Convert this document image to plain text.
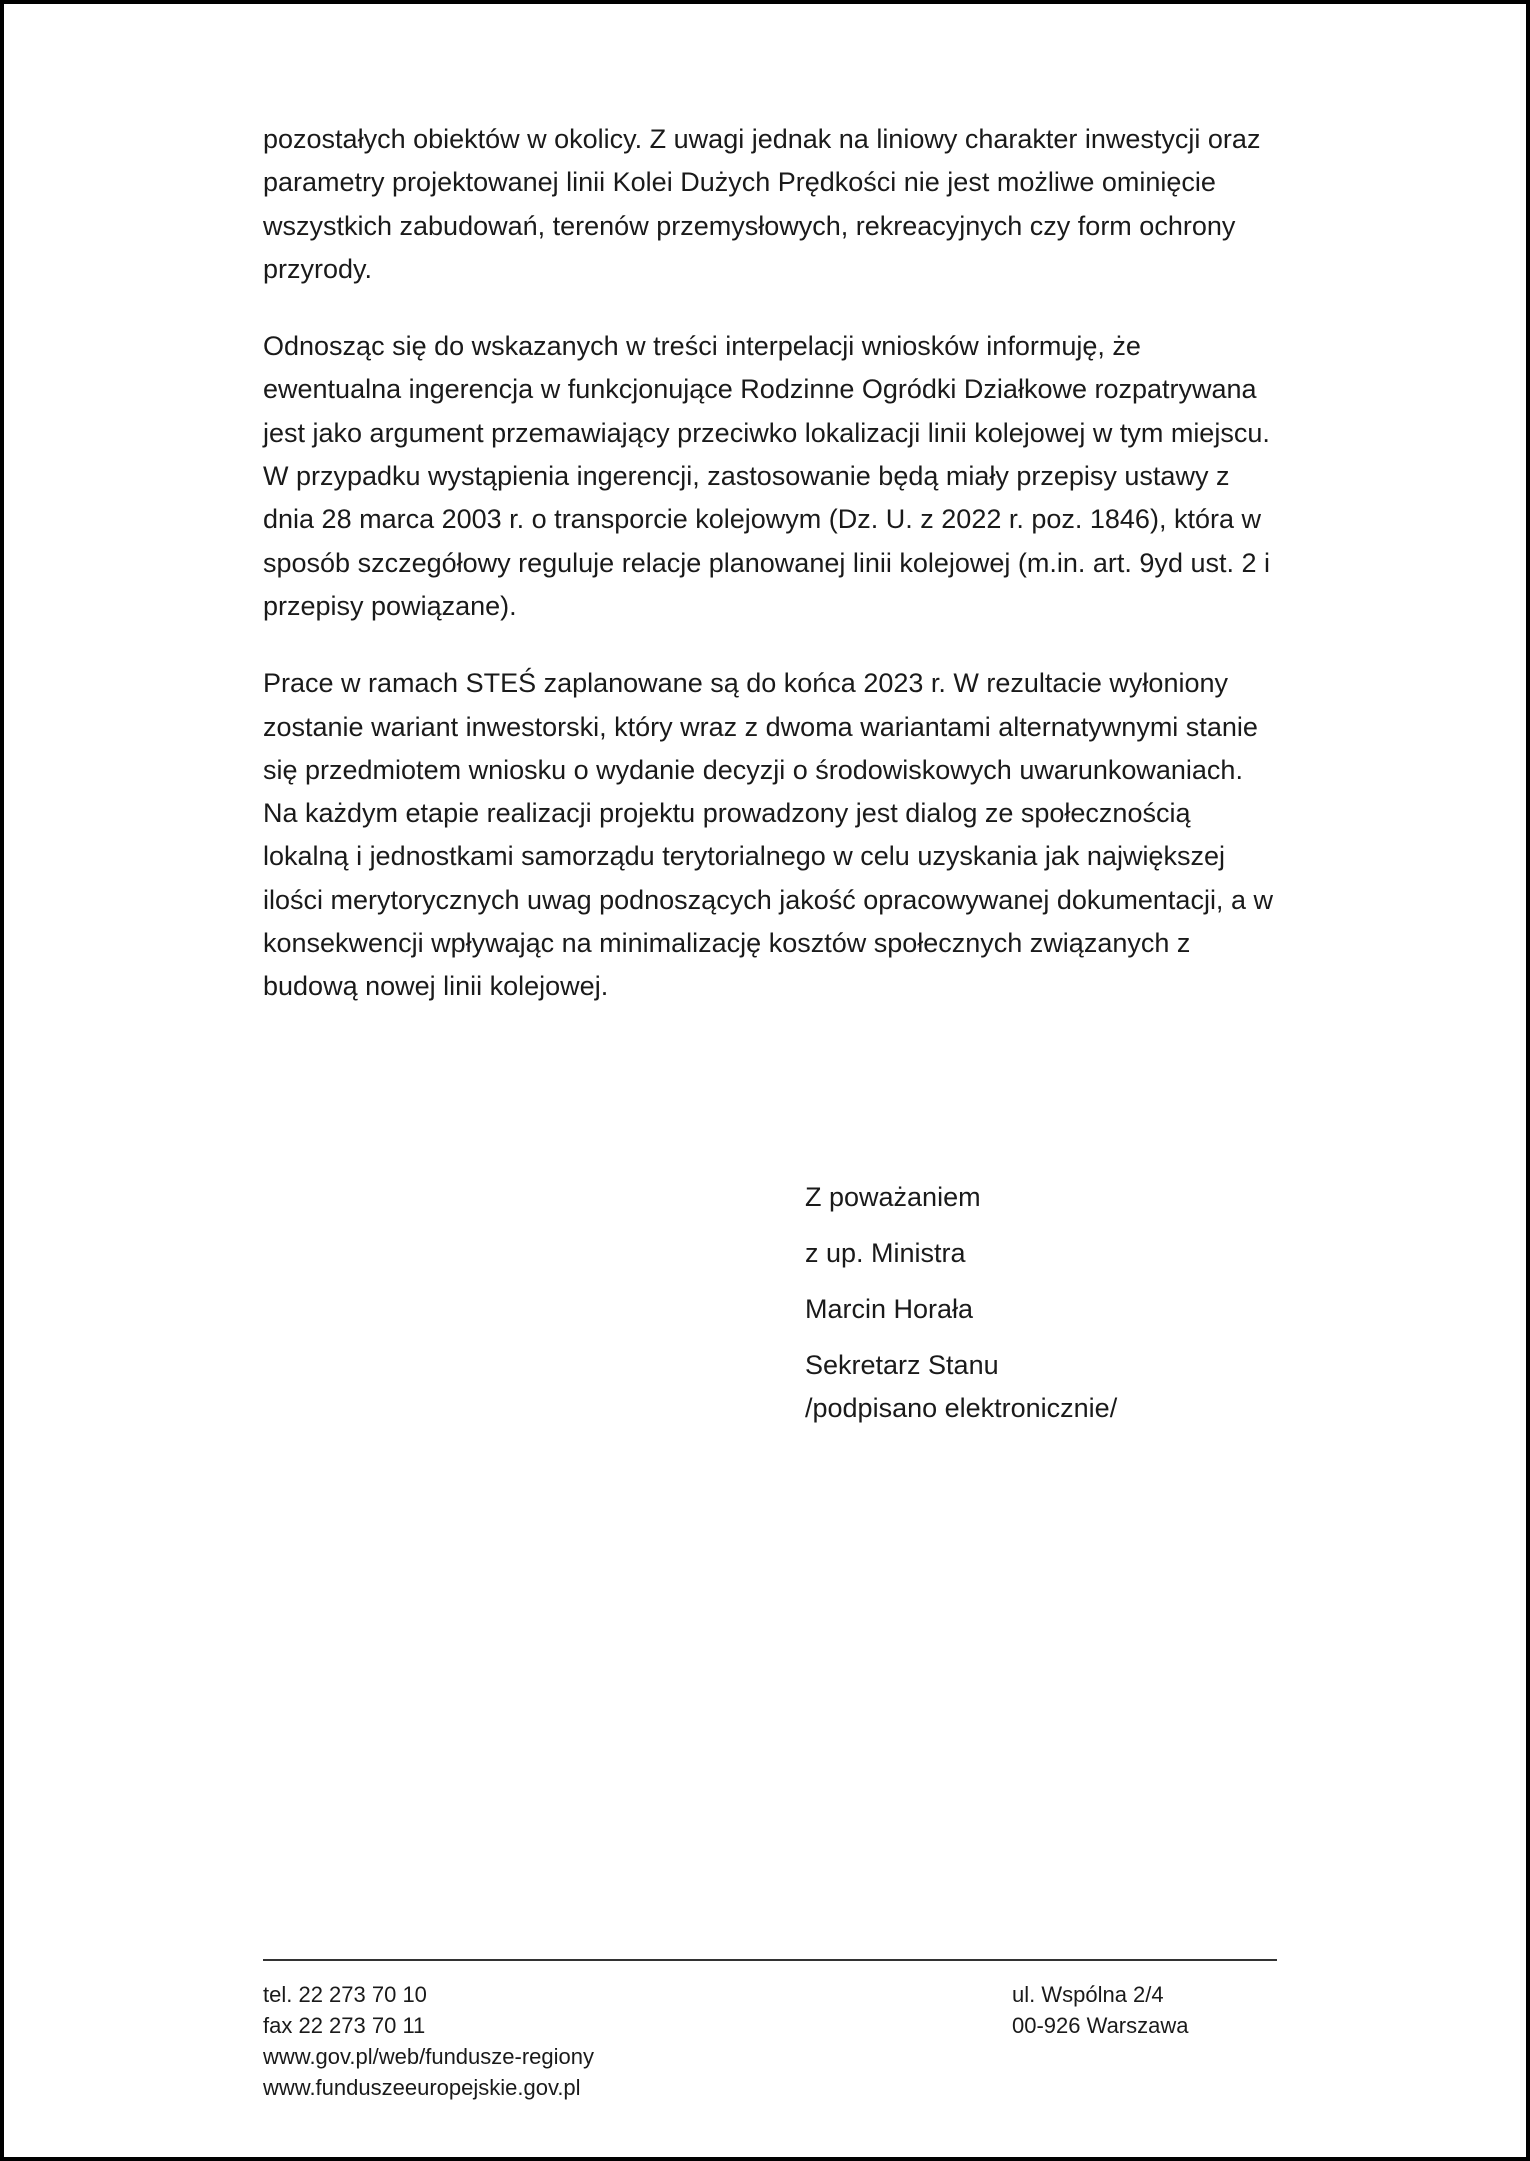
pozostałych obiektów w okolicy. Z uwagi jednak na liniowy charakter inwestycji oraz parametry projektowanej linii Kolei Dużych Prędkości nie jest możliwe ominięcie wszystkich zabudowań, terenów przemysłowych, rekreacyjnych czy form ochrony przyrody.

Odnosząc się do wskazanych w treści interpelacji wniosków informuję, że ewentualna ingerencja w funkcjonujące Rodzinne Ogródki Działkowe rozpatrywana jest jako argument przemawiający przeciwko lokalizacji linii kolejowej w tym miejscu. W przypadku wystąpienia ingerencji, zastosowanie będą miały przepisy ustawy z dnia 28 marca 2003 r. o transporcie kolejowym (Dz. U. z 2022 r. poz. 1846), która w sposób szczegółowy reguluje relacje planowanej linii kolejowej (m.in. art. 9yd ust. 2 i przepisy powiązane).

Prace w ramach STEŚ zaplanowane są do końca 2023 r. W rezultacie wyłoniony zostanie wariant inwestorski, który wraz z dwoma wariantami alternatywnymi stanie się przedmiotem wniosku o wydanie decyzji o środowiskowych uwarunkowaniach. Na każdym etapie realizacji projektu prowadzony jest dialog ze społecznością lokalną i jednostkami samorządu terytorialnego w celu uzyskania jak największej ilości merytorycznych uwag podnoszących jakość opracowywanej dokumentacji, a w konsekwencji wpływając na minimalizację kosztów społecznych związanych z budową nowej linii kolejowej.

Z poważaniem
z up. Ministra
Marcin Horała
Sekretarz Stanu
/podpisano elektronicznie/
tel. 22 273 70 10
fax 22 273 70 11
www.gov.pl/web/fundusze-regiony
www.funduszeeuropejskie.gov.pl
ul. Wspólna 2/4
00-926 Warszawa
